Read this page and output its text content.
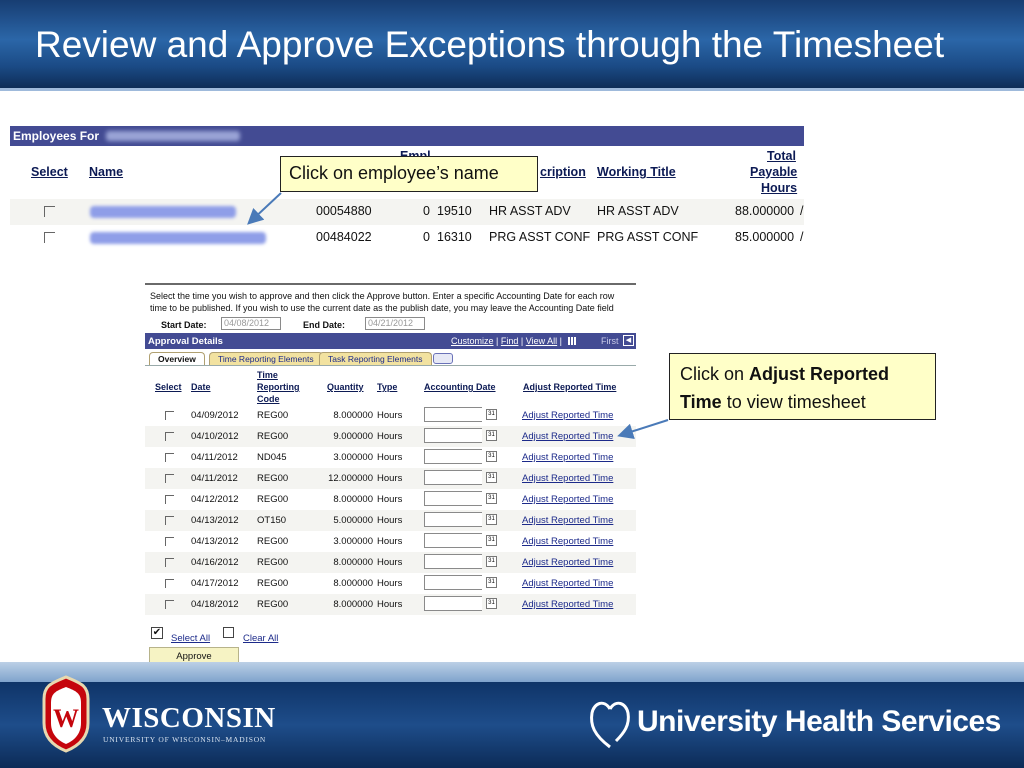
Review and Approve Exceptions through the Timesheet
Employees For
Select Name	cription Working Title
Total
Payable
Hours
00054880	0 19510 HR ASST ADV HR ASST ADV	88.000000 /
00484022	0 16310 PRG ASST CONF PRG ASST CONF	85.000000 /
Click on employee’s name
Select the time you wish to approve and then click the Approve button. Enter a specific Accounting Date for each row
time to be published. If you wish to use the current date as the publish date, you may leave the Accounting Date field
Start Date:	04/08/2012	End Date:	04/21/2012
Approval Details	Customize | Find | View All |	First	◀
Overview	Time Reporting Elements	Task Reporting Elements
Select Date
Time
Reporting
Code
Quantity Type	Accounting Date	Adjust Reported Time
04/09/2012 REG00	8.000000 Hours	31	Adjust Reported Time
04/10/2012 REG00	9.000000 Hours	31	Adjust Reported Time
04/11/2012 ND045	3.000000 Hours	31	Adjust Reported Time
04/11/2012 REG00	12.000000 Hours	31	Adjust Reported Time
04/12/2012 REG00	8.000000 Hours	31	Adjust Reported Time
04/13/2012 OT150	5.000000 Hours	31	Adjust Reported Time
04/13/2012 REG00	3.000000 Hours	31	Adjust Reported Time
04/16/2012 REG00	8.000000 Hours	31	Adjust Reported Time
04/17/2012 REG00	8.000000 Hours	31	Adjust Reported Time
04/18/2012 REG00	8.000000 Hours	31	Adjust Reported Time
✔
Select All	Clear All
Approve
Click on Adjust Reported Time to view timesheet
W WISCONSIN
UNIVERSITY OF WISCONSIN–MADISON
University Health Services
